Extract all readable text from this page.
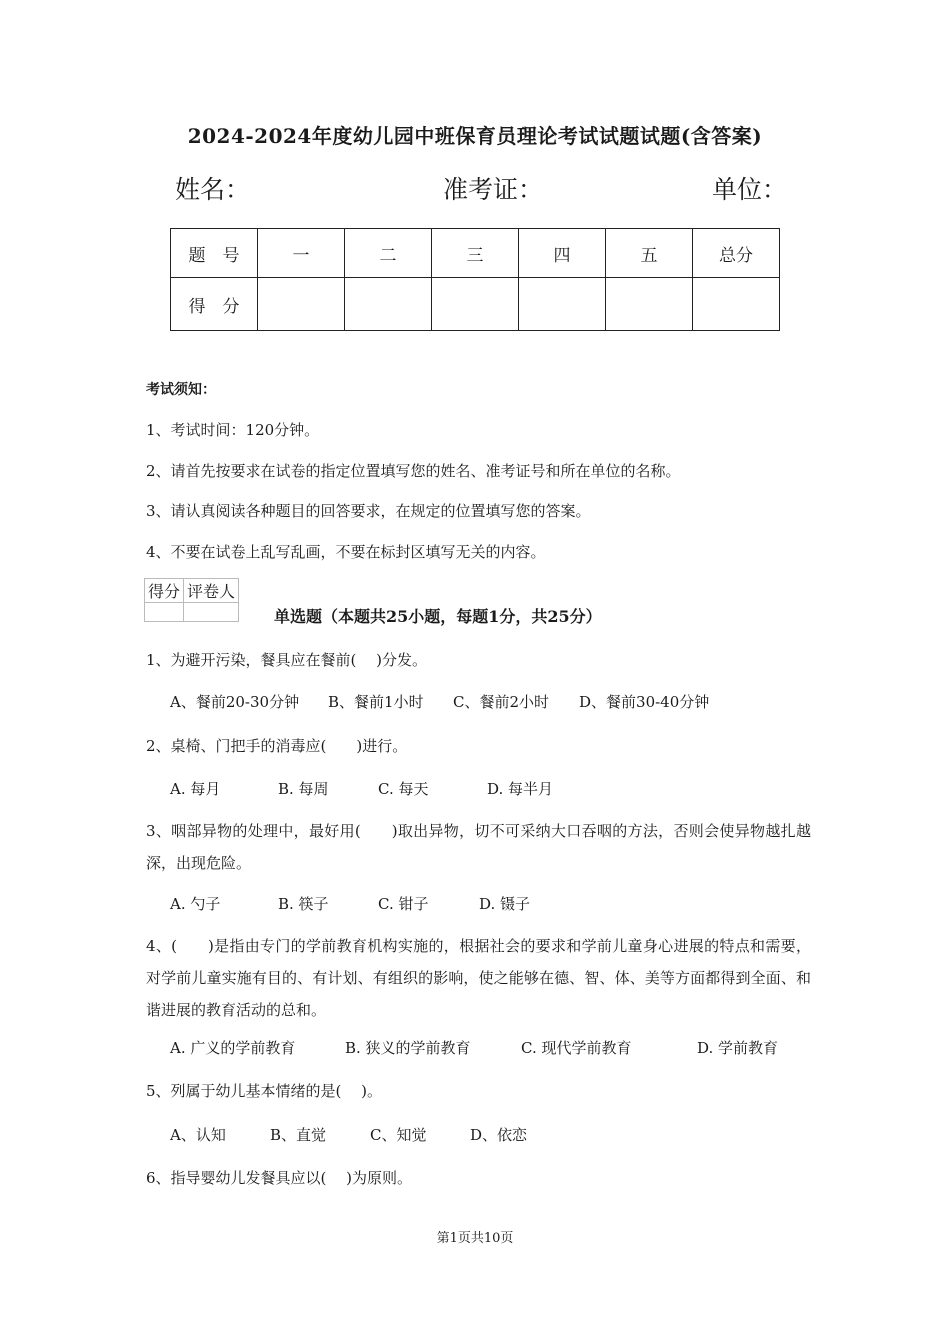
2024-2024年度幼儿园中班保育员理论考试试题试题(含答案)
姓名：	准考证：	单位：
题　号	一	二	三	四	五	总分
得　分						
考试须知：
1、考试时间：120分钟。
2、请首先按要求在试卷的指定位置填写您的姓名、准考证号和所在单位的名称。
3、请认真阅读各种题目的回答要求，在规定的位置填写您的答案。
4、不要在试卷上乱写乱画，不要在标封区填写无关的内容。
得分	评卷人

单选题（本题共25小题，每题1分，共25分）
1、为避开污染，餐具应在餐前(　 )分发。
A、餐前20-30分钟 B、餐前1小时 C、餐前2小时 D、餐前30-40分钟
2、桌椅、门把手的消毒应(　　)进行。
A. 每月	B. 每周	C. 每天	D. 每半月
3、咽部异物的处理中，最好用(　　)取出异物，切不可采纳大口吞咽的方法，否则会使异物越扎越深，出现危险。
A. 勺子	B. 筷子	C. 钳子	D. 镊子
4、(　　)是指由专门的学前教育机构实施的，根据社会的要求和学前儿童身心进展的特点和需要，对学前儿童实施有目的、有计划、有组织的影响，使之能够在德、智、体、美等方面都得到全面、和谐进展的教育活动的总和。
A. 广义的学前教育	B. 狭义的学前教育	C. 现代学前教育	D. 学前教育
5、列属于幼儿基本情绪的是(　 )。
A、认知	B、直觉	C、知觉	D、依恋
6、指导婴幼儿发餐具应以(　 )为原则。
第1页共10页
